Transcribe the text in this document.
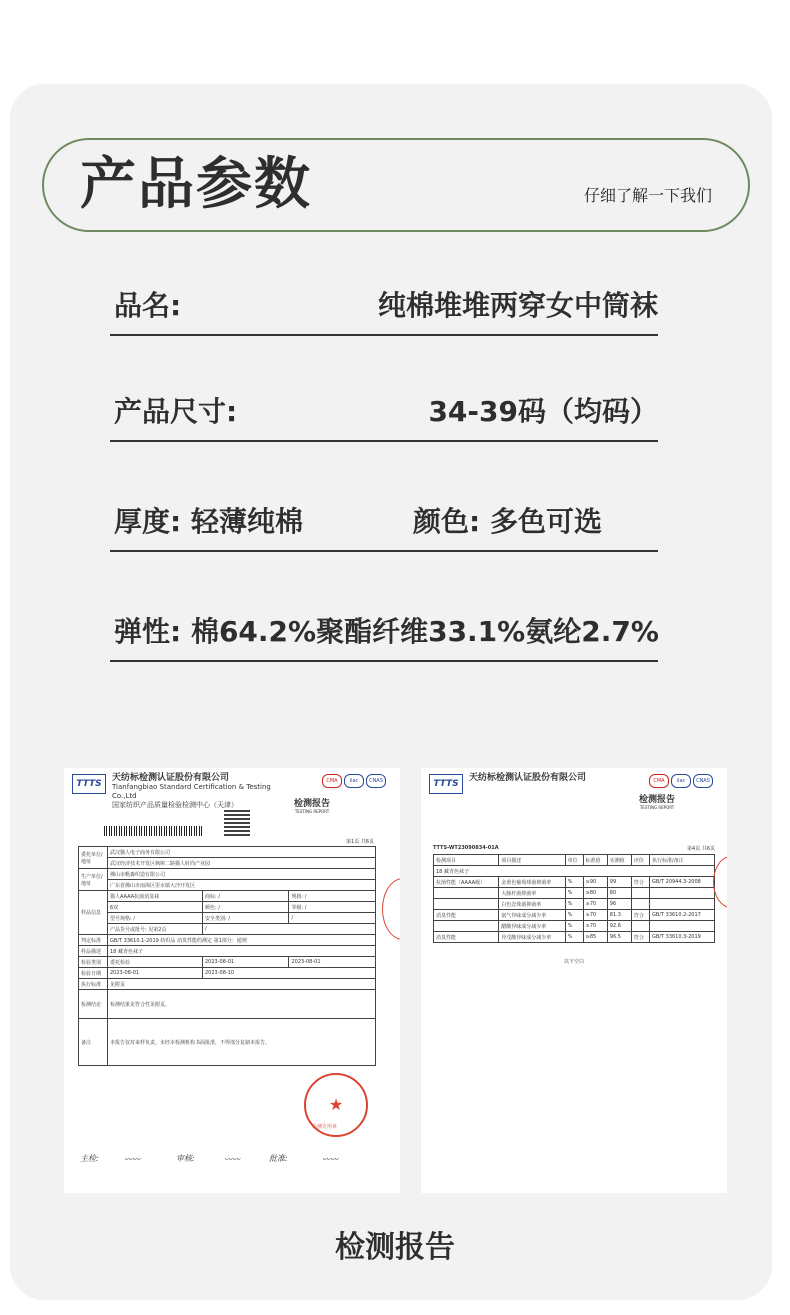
产品参数	仔细了解一下我们
品名:	纯棉堆堆两穿女中筒袜
产品尺寸:	34-39码（均码）
厚度: 轻薄纯棉	颜色: 多色可选
弹性: 棉64.2%聚酯纤维33.1%氨纶2.7%
TTTS
天纺标检测认证股份有限公司
Tianfangbiao Standard Certification & Testing Co.,Ltd
国家纺织产品质量检验检测中心（天津）
CMA ilac CNAS
检测报告
TESTING REPORT
第1页 共6页
委托单位/地址	武汉猫人电子商务有限公司		
	武汉经济技术开发区枫树二路猫人时尚产业园		
生产单位/地址	佛山市帆森织造有限公司		
	广东省佛山市南海区里水镇大沙开发区		
样品信息	猫人AAAA抗菌消臭袜	商标: /	规格: /
	6双	颜色: /	等级: /
	型号规格: /	安全类别: /	/
	产品货号或批号: 见第2页	/	
判定标准	GB/T 33610.1-2019 纺织品 消臭性能的测定 第1部分：通则		
样品描述	18 藏青色袜子		
检验类别	委托检验	2023-08-01	2023-08-01
检验日期	2023-08-01	2023-08-10	
执行标准	见附页		
检测结论	检测结果见符合性见附页。		
备注	本报告仅对来样负责。未经本检测机构书面批准，不得部分复制本报告。		
★
检测专用章
主检:	〰〰	审核:	〰〰	批准:	〰〰
TTTS
天纺标检测认证股份有限公司	CMA ilac CNAS
检测报告
TESTING REPORT
TTTS-WT23090834-01A	第4页 共6页
检测项目	项目描述	单位	标准值	实测值	评价	执行标准/备注
18 藏青色袜子						
抗菌性能（AAAA级）	金黄色葡萄球菌抑菌率	%	≥90	99	符合	GB/T 20944.3-2008
	大肠杆菌抑菌率	%	≥80	80		
	白色念珠菌抑菌率	%	≥70	96		
消臭性能	氨气异味成分减少率	%	≥70	81.3	符合	GB/T 33610.2-2017
	醋酸异味成分减少率	%	≥70	92.6		
消臭性能	异戊酸异味成分减少率	%	≥85	96.5	符合	GB/T 33610.3-2019
以下空白
检测报告
